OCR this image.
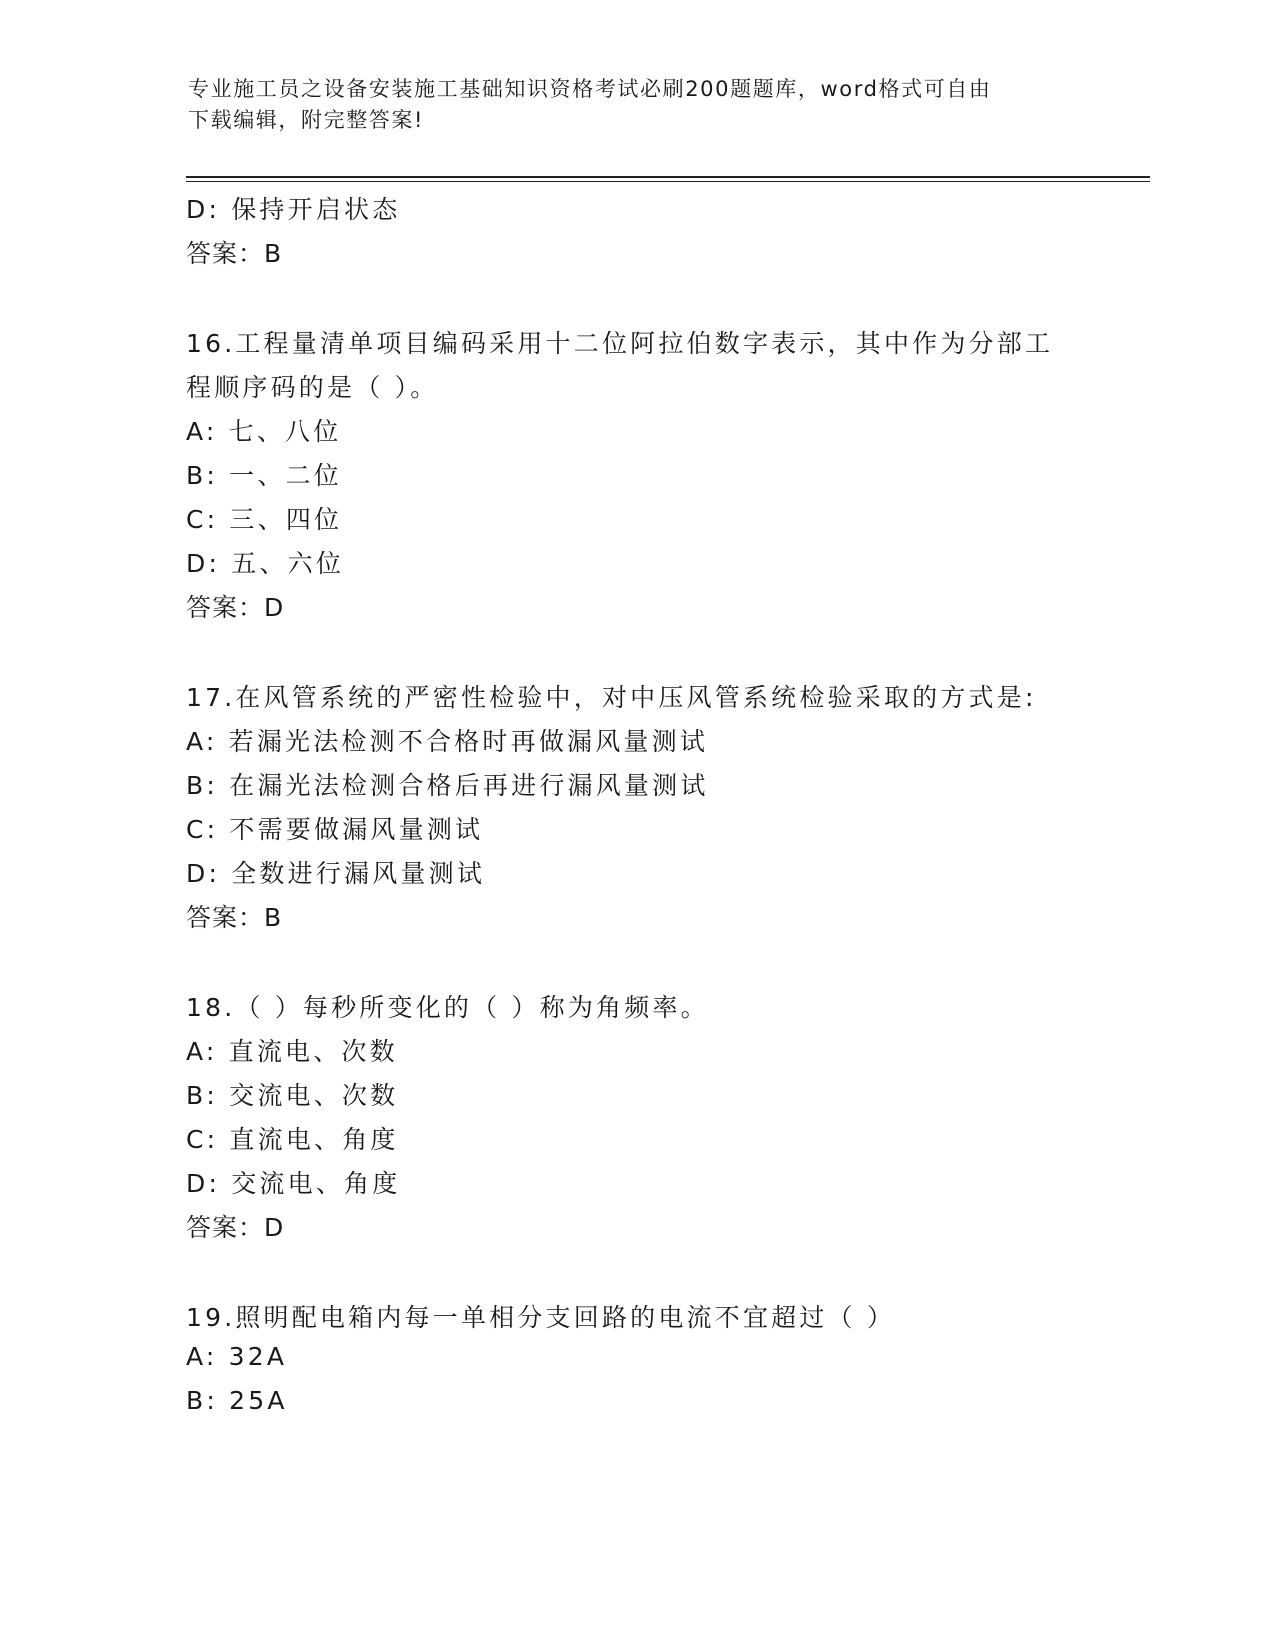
专业施工员之设备安装施工基础知识资格考试必刷200题题库，word格式可自由
下载编辑，附完整答案!
D: 保持开启状态
答案：B
16.工程量清单项目编码采用十二位阿拉伯数字表示，其中作为分部工
程顺序码的是（ ）。
A: 七、八位
B: 一、二位
C: 三、四位
D: 五、六位
答案：D
17.在风管系统的严密性检验中，对中压风管系统检验采取的方式是:
A: 若漏光法检测不合格时再做漏风量测试
B: 在漏光法检测合格后再进行漏风量测试
C: 不需要做漏风量测试
D: 全数进行漏风量测试
答案：B
18.（ ）每秒所变化的（ ）称为角频率。
A: 直流电、次数
B: 交流电、次数
C: 直流电、角度
D: 交流电、角度
答案：D
19.照明配电箱内每一单相分支回路的电流不宜超过（ ）
A: 32A
B: 25A
